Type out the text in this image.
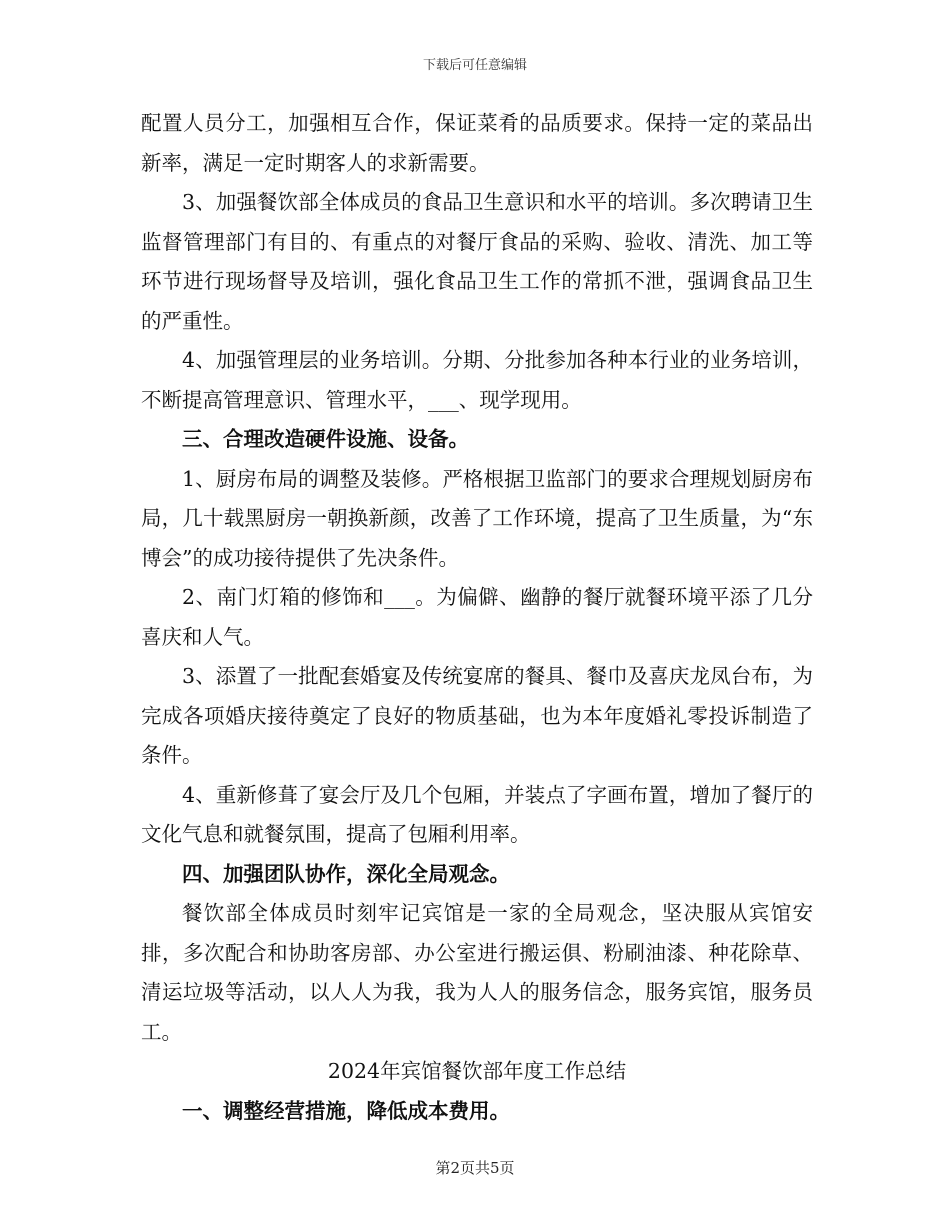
下载后可任意编辑

配置人员分工，加强相互合作，保证菜肴的品质要求。保持一定的菜品出新率，满足一定时期客人的求新需要。

3、加强餐饮部全体成员的食品卫生意识和水平的培训。多次聘请卫生监督管理部门有目的、有重点的对餐厅食品的采购、验收、清洗、加工等环节进行现场督导及培训，强化食品卫生工作的常抓不泄，强调食品卫生的严重性。

4、加强管理层的业务培训。分期、分批参加各种本行业的业务培训，不断提高管理意识、管理水平，___、现学现用。

三、合理改造硬件设施、设备。

1、厨房布局的调整及装修。严格根据卫监部门的要求合理规划厨房布局，几十载黑厨房一朝换新颜，改善了工作环境，提高了卫生质量，为“东博会”的成功接待提供了先决条件。

2、南门灯箱的修饰和___。为偏僻、幽静的餐厅就餐环境平添了几分喜庆和人气。

3、添置了一批配套婚宴及传统宴席的餐具、餐巾及喜庆龙凤台布，为完成各项婚庆接待奠定了良好的物质基础，也为本年度婚礼零投诉制造了条件。

4、重新修葺了宴会厅及几个包厢，并装点了字画布置，增加了餐厅的文化气息和就餐氛围，提高了包厢利用率。

四、加强团队协作，深化全局观念。

餐饮部全体成员时刻牢记宾馆是一家的全局观念，坚决服从宾馆安排，多次配合和协助客房部、办公室进行搬运俱、粉刷油漆、种花除草、清运垃圾等活动，以人人为我，我为人人的服务信念，服务宾馆，服务员工。

2024年宾馆餐饮部年度工作总结

一、调整经营措施，降低成本费用。

第2页共5页
